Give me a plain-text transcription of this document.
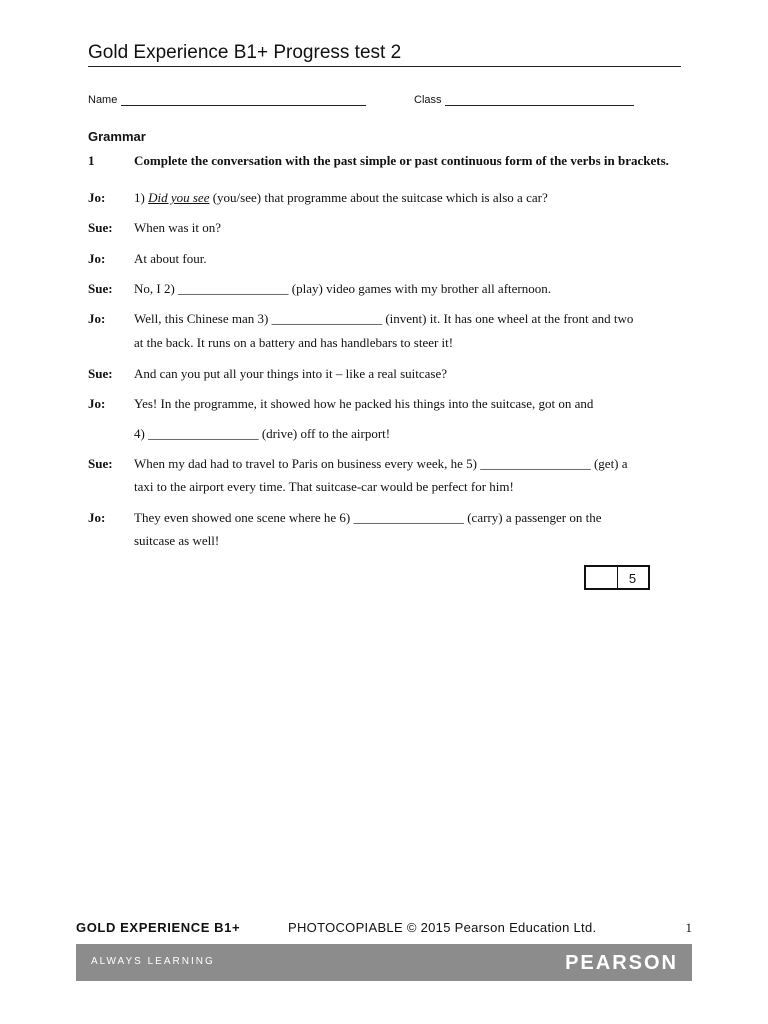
Gold Experience B1+ Progress test 2
Name	Class
Grammar
1	Complete the conversation with the past simple or past continuous form of the verbs in brackets.
Jo: 1) Did you see (you/see) that programme about the suitcase which is also a car?
Sue: When was it on?
Jo: At about four.
Sue: No, I 2) _________________ (play) video games with my brother all afternoon.
Jo: Well, this Chinese man 3) _________________ (invent) it. It has one wheel at the front and two
at the back. It runs on a battery and has handlebars to steer it!
Sue: And can you put all your things into it – like a real suitcase?
Jo: Yes! In the programme, it showed how he packed his things into the suitcase, got on and
4) _________________ (drive) off to the airport!
Sue: When my dad had to travel to Paris on business every week, he 5) _________________ (get) a
taxi to the airport every time. That suitcase-car would be perfect for him!
Jo: They even showed one scene where he 6) _________________ (carry) a passenger on the
suitcase as well!
5
GOLD EXPERIENCE B1+	PHOTOCOPIABLE © 2015 Pearson Education Ltd.	1
ALWAYS LEARNING	PEARSON
